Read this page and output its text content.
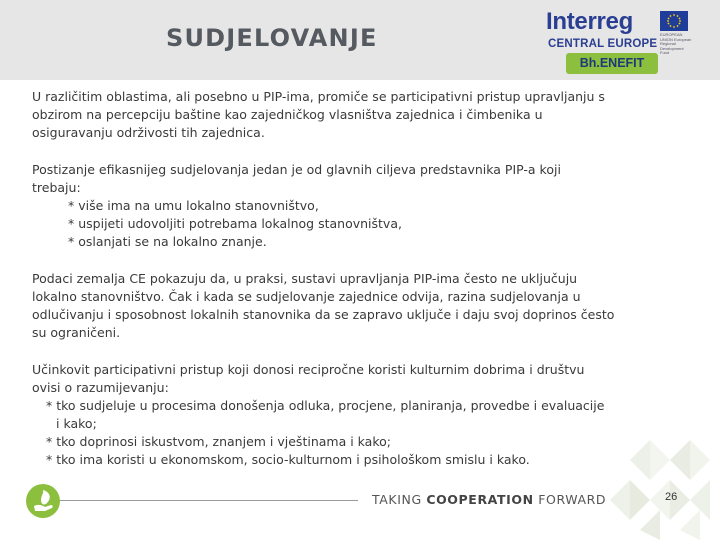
SUDJELOVANJE
Interreg	EUROPEAN UNION European Regional Development Fund
CENTRAL EUROPE
Bh.ENEFIT
U različitim oblastima, ali posebno u PIP-ima, promiče se participativni pristup upravljanju s
obzirom na percepciju baštine kao zajedničkog vlasništva zajednica i čimbenika u
osiguravanju održivosti tih zajednica.
Postizanje efikasnijeg sudjelovanja jedan je od glavnih ciljeva predstavnika PIP-a koji
trebaju:
* više ima na umu lokalno stanovništvo,
* uspijeti udovoljiti potrebama lokalnog stanovništva,
* oslanjati se na lokalno znanje.
Podaci zemalja CE pokazuju da, u praksi, sustavi upravljanja PIP-ima često ne uključuju
lokalno stanovništvo. Čak i kada se sudjelovanje zajednice odvija, razina sudjelovanja u
odlučivanju i sposobnost lokalnih stanovnika da se zapravo uključe i daju svoj doprinos često
su ograničeni.
Učinkovit participativni pristup koji donosi recipročne koristi kulturnim dobrima i društvu
ovisi o razumijevanju:
* tko sudjeluje u procesima donošenja odluka, procjene, planiranja, provedbe i evaluacije
i kako;
* tko doprinosi iskustvom, znanjem i vještinama i kako;
* tko ima koristi u ekonomskom, socio-kulturnom i psihološkom smislu i kako.
TAKING COOPERATION FORWARD	26
